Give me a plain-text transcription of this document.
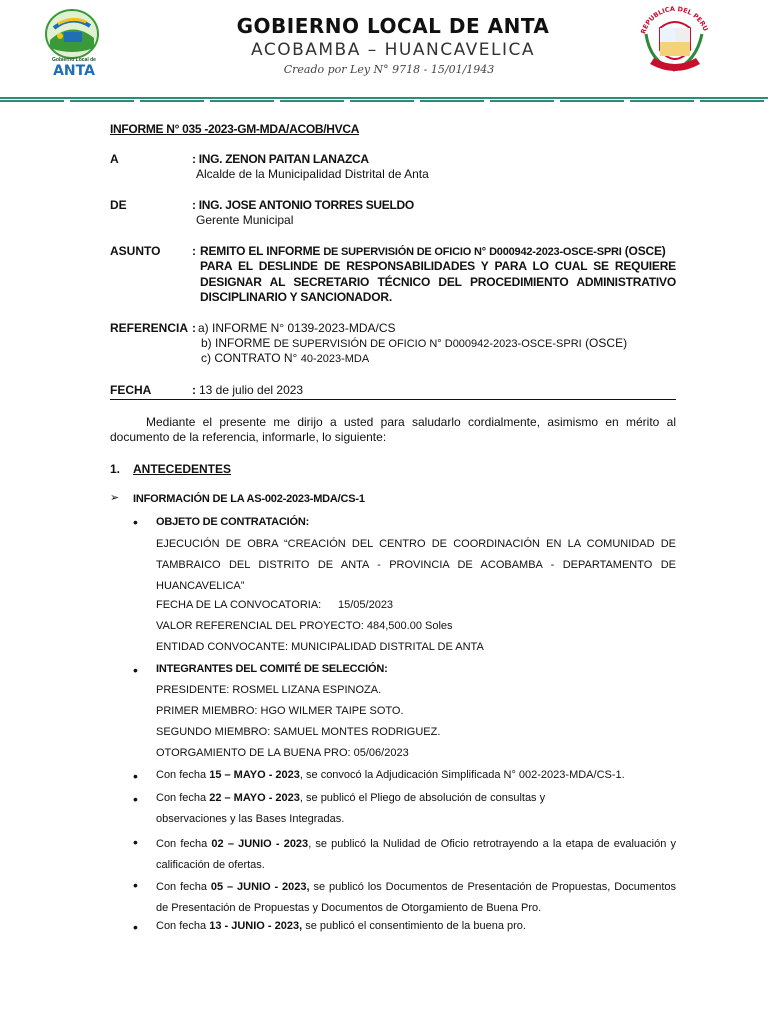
Gobierno Local de
ANTA
GOBIERNO LOCAL DE ANTA
ACOBAMBA – HUANCAVELICA
Creado por Ley N° 9718 - 15/01/1943
REPUBLICA DEL PERU
INFORME N° 035 -2023-GM-MDA/ACOB/HVCA
A	: ING. ZENON PAITAN LANAZCA
Alcalde de la Municipalidad Distrital de Anta
DE	: ING. JOSE ANTONIO TORRES SUELDO
Gerente Municipal
ASUNTO	: REMITO EL INFORME DE SUPERVISIÓN DE OFICIO N° D000942-2023-OSCE-SPRI (OSCE)
PARA EL DESLINDE DE RESPONSABILIDADES Y PARA LO CUAL SE REQUIERE DESIGNAR AL SECRETARIO TÉCNICO DEL PROCEDIMIENTO ADMINISTRATIVO DISCIPLINARIO Y SANCIONADOR.
REFERENCIA : a) INFORME N° 0139-2023-MDA/CS
b) INFORME DE SUPERVISIÓN DE OFICIO N° D000942-2023-OSCE-SPRI (OSCE)
c) CONTRATO N° 40-2023-MDA
FECHA	: 13 de julio del 2023
Mediante el presente me dirijo a usted para saludarlo cordialmente, asimismo en mérito al documento de la referencia, informarle, lo siguiente:
1. ANTECEDENTES
➢ INFORMACIÓN DE LA AS-002-2023-MDA/CS-1
• OBJETO DE CONTRATACIÓN:
EJECUCIÓN DE OBRA “CREACIÓN DEL CENTRO DE COORDINACIÓN EN LA COMUNIDAD DE TAMBRAICO DEL DISTRITO DE ANTA - PROVINCIA DE ACOBAMBA - DEPARTAMENTO DE HUANCAVELICA”
FECHA DE LA CONVOCATORIA: 15/05/2023
VALOR REFERENCIAL DEL PROYECTO: 484,500.00 Soles
ENTIDAD CONVOCANTE: MUNICIPALIDAD DISTRITAL DE ANTA
• INTEGRANTES DEL COMITÉ DE SELECCIÓN:
PRESIDENTE: ROSMEL LIZANA ESPINOZA.
PRIMER MIEMBRO: HGO WILMER TAIPE SOTO.
SEGUNDO MIEMBRO: SAMUEL MONTES RODRIGUEZ.
OTORGAMIENTO DE LA BUENA PRO: 05/06/2023
• Con fecha 15 – MAYO - 2023, se convocó la Adjudicación Simplificada N° 002-2023-MDA/CS-1.
• Con fecha 22 – MAYO - 2023, se publicó el Pliego de absolución de consultas y
observaciones y las Bases Integradas.
• Con fecha 02 – JUNIO - 2023, se publicó la Nulidad de Oficio retrotrayendo a la etapa de evaluación y calificación de ofertas.
• Con fecha 05 – JUNIO - 2023, se publicó los Documentos de Presentación de Propuestas, Documentos de Presentación de Propuestas y Documentos de Otorgamiento de Buena Pro.
• Con fecha 13 - JUNIO - 2023, se publicó el consentimiento de la buena pro.
